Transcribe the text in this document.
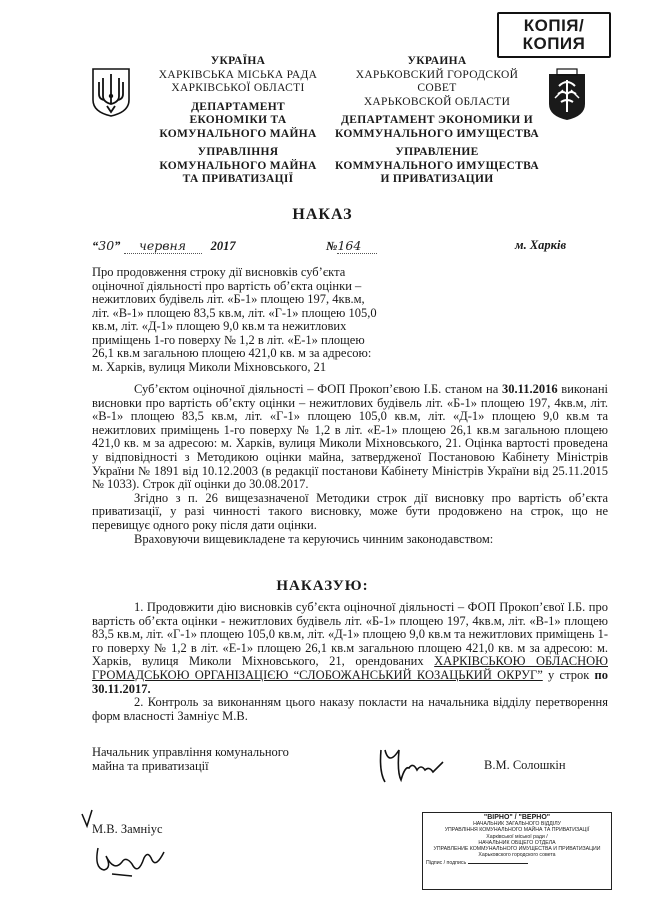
КОПІЯ/
КОПИЯ
УКРАЇНА
ХАРКІВСЬКА МІСЬКА РАДА
ХАРКІВСЬКОЇ ОБЛАСТІ
ДЕПАРТАМЕНТ
ЕКОНОМІКИ ТА
КОМУНАЛЬНОГО МАЙНА
УПРАВЛІННЯ
КОМУНАЛЬНОГО МАЙНА
ТА ПРИВАТИЗАЦІЇ
УКРАИНА
ХАРЬКОВСКИЙ ГОРОДСКОЙ
СОВЕТ
ХАРЬКОВСКОЙ ОБЛАСТИ
ДЕПАРТАМЕНТ ЭКОНОМИКИ И
КОММУНАЛЬНОГО ИМУЩЕСТВА
УПРАВЛЕНИЕ
КОММУНАЛЬНОГО ИМУЩЕСТВА
И ПРИВАТИЗАЦИИ
НАКАЗ
“30” червня 2017	№164	м. Харків
Про продовження строку дії висновків суб’єкта
оціночної діяльності про вартість об’єкта оцінки –
нежитлових будівель літ. «Б-1» площею 197, 4кв.м,
літ. «В-1» площею 83,5 кв.м, літ. «Г-1» площею 105,0
кв.м, літ. «Д-1» площею 9,0 кв.м та нежитлових
приміщень 1-го поверху № 1,2 в літ. «Е-1» площею
26,1 кв.м загальною площею 421,0 кв. м за адресою:
м. Харків, вулиця Миколи Міхновського, 21

Суб’єктом оціночної діяльності – ФОП Прокоп’євою І.Б. станом на 30.11.2016 виконані висновки про вартість об’єкту оцінки – нежитлових будівель літ. «Б-1» площею 197, 4кв.м, літ. «В-1» площею 83,5 кв.м, літ. «Г-1» площею 105,0 кв.м, літ. «Д-1» площею 9,0 кв.м та нежитлових приміщень 1-го поверху № 1,2 в літ. «Е-1» площею 26,1 кв.м загальною площею 421,0 кв. м за адресою: м. Харків, вулиця Миколи Міхновського, 21. Оцінка вартості проведена у відповідності з Методикою оцінки майна, затвердженої Постановою Кабінету Міністрів України № 1891 від 10.12.2003 (в редакції постанови Кабінету Міністрів України від 25.11.2015 № 1033). Строк дії оцінки до 30.08.2017.

Згідно з п. 26 вищезазначеної Методики строк дії висновку про вартість об’єкта приватизації, у разі чинності такого висновку, може бути продовжено на строк, що не перевищує одного року після дати оцінки.

Враховуючи вищевикладене та керуючись чинним законодавством:

НАКАЗУЮ:

1. Продовжити дію висновків суб’єкта оціночної діяльності – ФОП Прокоп’євої І.Б. про вартість об’єкта оцінки - нежитлових будівель літ. «Б-1» площею 197, 4кв.м, літ. «В-1» площею 83,5 кв.м, літ. «Г-1» площею 105,0 кв.м, літ. «Д-1» площею 9,0 кв.м та нежитлових приміщень 1-го поверху № 1,2 в літ. «Е-1» площею 26,1 кв.м загальною площею 421,0 кв. м за адресою: м. Харків, вулиця Миколи Міхновського, 21, орендованих ХАРКІВСЬКОЮ ОБЛАСНОЮ ГРОМАДСЬКОЮ ОРГАНІЗАЦІЄЮ “СЛОБОЖАНСЬКИЙ КОЗАЦЬКИЙ ОКРУГ” у строк по 30.11.2017.

2. Контроль за виконанням цього наказу покласти на начальника відділу перетворення форм власності Замніус М.В.

Начальник управління комунального
майна та приватизації	В.М. Солошкін
М.В. Замніус
"ВІРНО" / "ВЕРНО"
НАЧАЛЬНИК ЗАГАЛЬНОГО ВІДДІЛУ
УПРАВЛІННЯ КОМУНАЛЬНОГО МАЙНА ТА ПРИВАТИЗАЦІЇ
Харківської міської ради /
НАЧАЛЬНИК ОБЩЕГО ОТДЕЛА
УПРАВЛЕНИЕ КОММУНАЛЬНОГО ИМУЩЕСТВА И ПРИВАТИЗАЦИИ
Харьковского городского совета
Підпис / подпись
